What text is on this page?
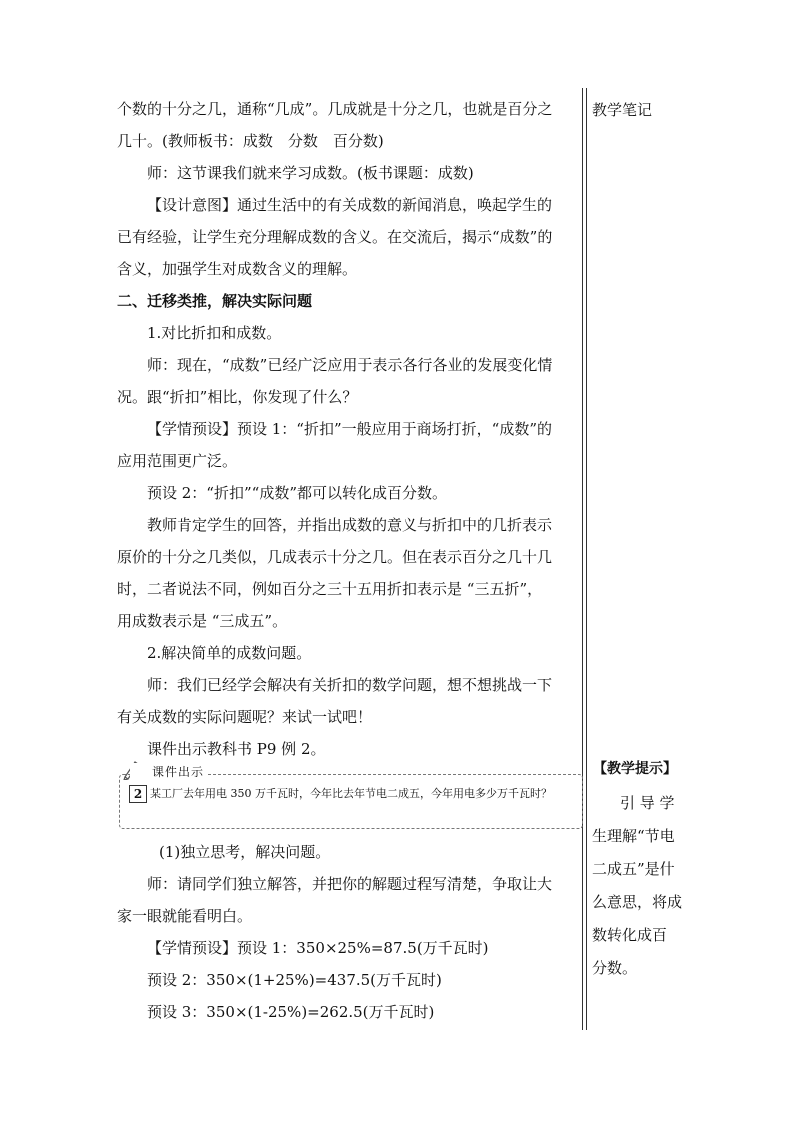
个数的十分之几，通称“几成”。几成就是十分之几，也就是百分之

几十。(教师板书：成数　分数　百分数)

师：这节课我们就来学习成数。(板书课题：成数)

【设计意图】通过生活中的有关成数的新闻消息，唤起学生的

已有经验，让学生充分理解成数的含义。在交流后，揭示“成数”的

含义，加强学生对成数含义的理解。

二、迁移类推，解决实际问题

1.对比折扣和成数。

师：现在，“成数”已经广泛应用于表示各行各业的发展变化情

况。跟“折扣”相比，你发现了什么？

【学情预设】预设 1：“折扣”一般应用于商场打折，“成数”的

应用范围更广泛。

预设 2：“折扣”“成数”都可以转化成百分数。

教师肯定学生的回答，并指出成数的意义与折扣中的几折表示

原价的十分之几类似，几成表示十分之几。但在表示百分之几十几

时，二者说法不同，例如百分之三十五用折扣表示是 “三五折”，

用成数表示是 “三成五”。

2.解决简单的成数问题。

师：我们已经学会解决有关折扣的数学问题，想不想挑战一下

有关成数的实际问题呢？来试一试吧！

课件出示教科书 P9 例 2。

课件出示
2 某工厂去年用电 350 万千瓦时，今年比去年节电二成五，今年用电多少万千瓦时？

(1)独立思考，解决问题。

师：请同学们独立解答，并把你的解题过程写清楚，争取让大

家一眼就能看明白。

【学情预设】预设 1：350×25%=87.5(万千瓦时)

预设 2：350×(1+25%)=437.5(万千瓦时)

预设 3：350×(1-25%)=262.5(万千瓦时)

教学笔记
【教学提示】
引 导 学
生理解“节电
二成五”是什
么意思，将成
数转化成百
分数。
